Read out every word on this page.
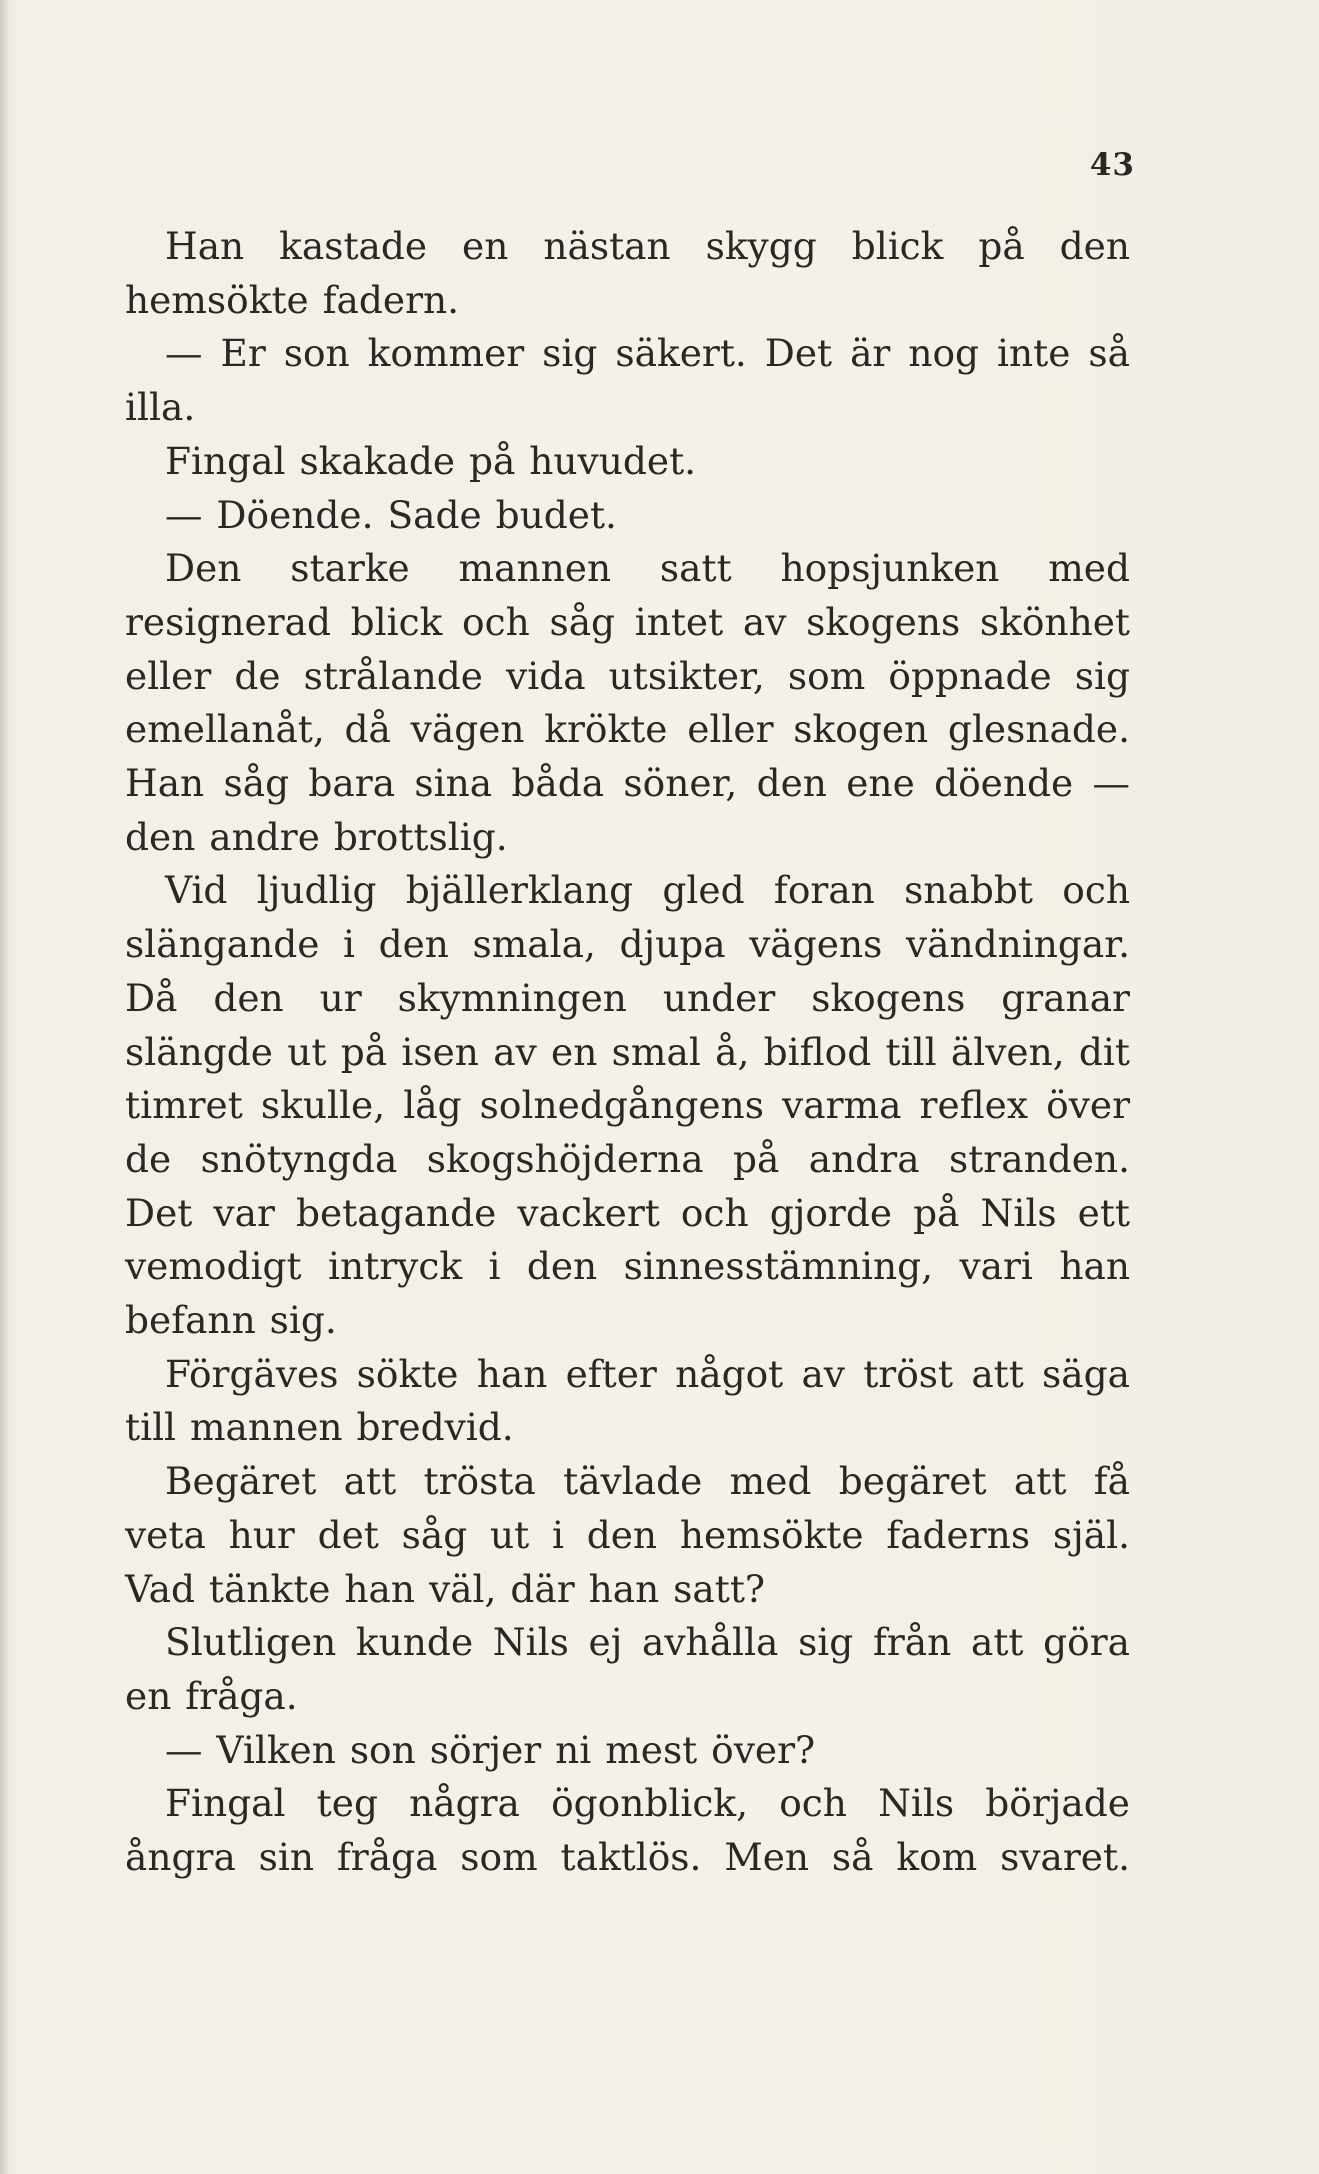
43

Han kastade en nästan skygg blick på den hemsökte fadern.

— Er son kommer sig säkert. Det är nog inte så illa.

Fingal skakade på huvudet.

— Döende. Sade budet.

Den starke mannen satt hopsjunken med resignerad blick och såg intet av skogens skönhet eller de strålande vida utsikter, som öppnade sig emellanåt, då vägen krökte eller skogen glesnade. Han såg bara sina båda söner, den ene döende — den andre brottslig.

Vid ljudlig bjällerklang gled foran snabbt och slängande i den smala, djupa vägens vändningar. Då den ur skymningen under skogens granar slängde ut på isen av en smal å, biflod till älven, dit timret skulle, låg solnedgångens varma reflex över de snötyngda skogshöjderna på andra stranden. Det var betagande vackert och gjorde på Nils ett vemodigt intryck i den sinnesstämning, vari han befann sig.

Förgäves sökte han efter något av tröst att säga till mannen bredvid.

Begäret att trösta tävlade med begäret att få veta hur det såg ut i den hemsökte faderns själ. Vad tänkte han väl, där han satt?

Slutligen kunde Nils ej avhålla sig från att göra en fråga.

— Vilken son sörjer ni mest över?

Fingal teg några ögonblick, och Nils började ångra sin fråga som taktlös. Men så kom svaret.
